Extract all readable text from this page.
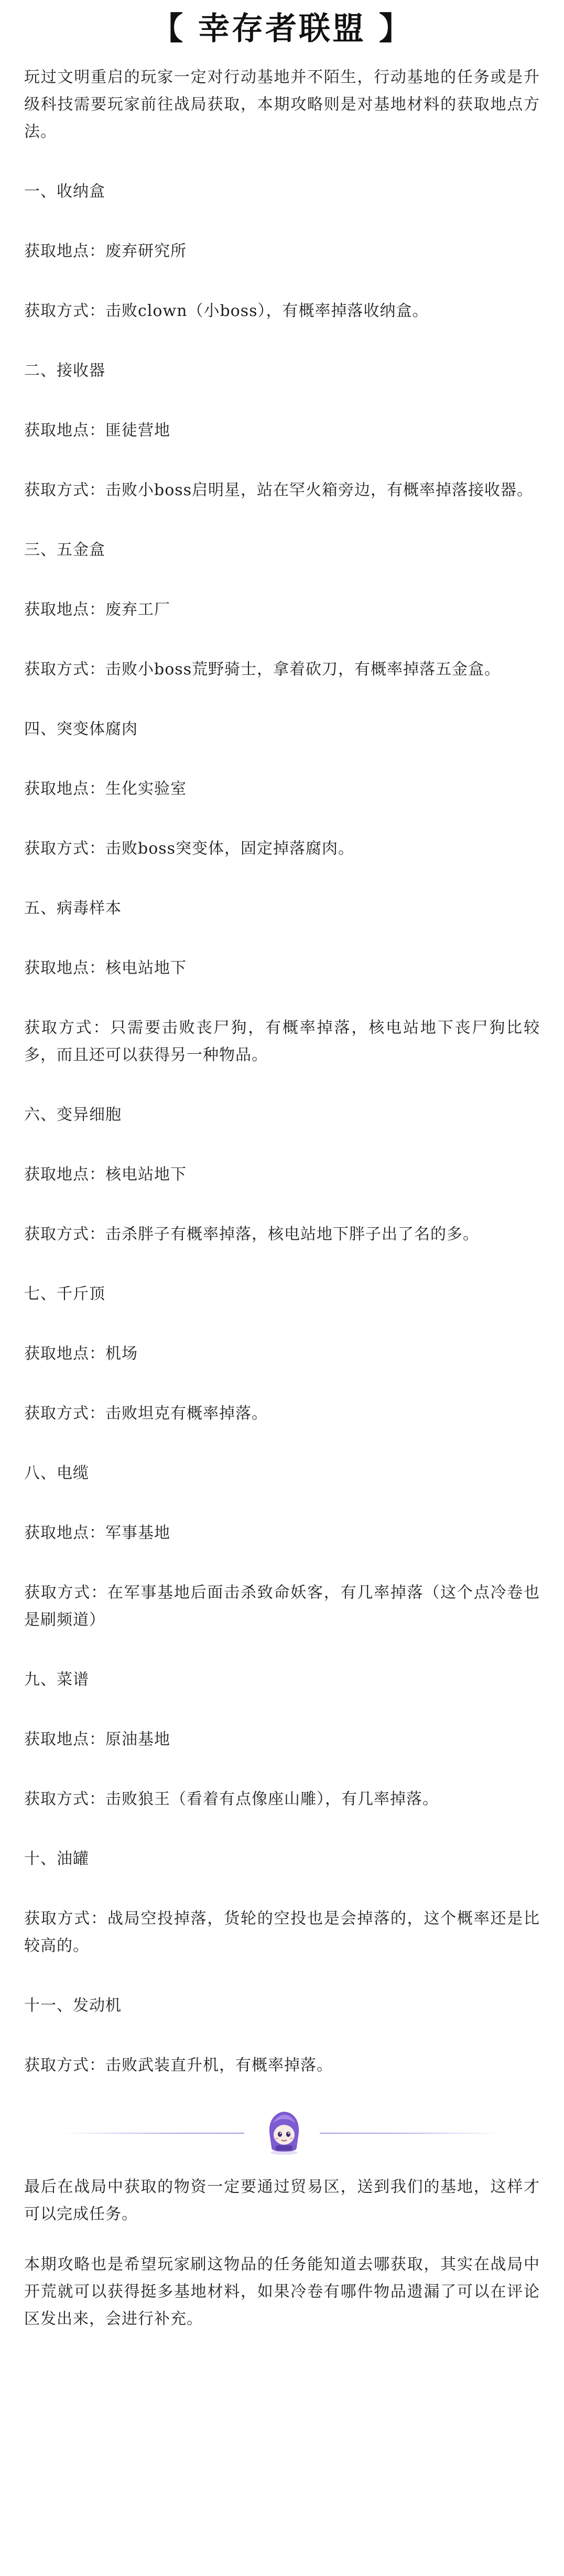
【 幸存者联盟 】
玩过文明重启的玩家一定对行动基地并不陌生，行动基地的任务或是升级科技需要玩家前往战局获取，本期攻略则是对基地材料的获取地点方法。
一、收纳盒
获取地点：废弃研究所
获取方式：击败clown（小boss），有概率掉落收纳盒。
二、接收器
获取地点：匪徒营地
获取方式：击败小boss启明星，站在罕火箱旁边，有概率掉落接收器。
三、五金盒
获取地点：废弃工厂
获取方式：击败小boss荒野骑士，拿着砍刀，有概率掉落五金盒。
四、突变体腐肉
获取地点：生化实验室
获取方式：击败boss突变体，固定掉落腐肉。
五、病毒样本
获取地点：核电站地下
获取方式：只需要击败丧尸狗，有概率掉落，核电站地下丧尸狗比较多，而且还可以获得另一种物品。
六、变异细胞
获取地点：核电站地下
获取方式：击杀胖子有概率掉落，核电站地下胖子出了名的多。
七、千斤顶
获取地点：机场
获取方式：击败坦克有概率掉落。
八、电缆
获取地点：军事基地
获取方式：在军事基地后面击杀致命妖客，有几率掉落（这个点冷卷也是刷频道）
九、菜谱
获取地点：原油基地
获取方式：击败狼王（看着有点像座山雕），有几率掉落。
十、油罐
获取方式：战局空投掉落，货轮的空投也是会掉落的，这个概率还是比较高的。
十一、发动机
获取方式：击败武装直升机，有概率掉落。
最后在战局中获取的物资一定要通过贸易区，送到我们的基地，这样才可以完成任务。
本期攻略也是希望玩家刷这物品的任务能知道去哪获取，其实在战局中开荒就可以获得挺多基地材料，如果冷卷有哪件物品遗漏了可以在评论区发出来，会进行补充。
